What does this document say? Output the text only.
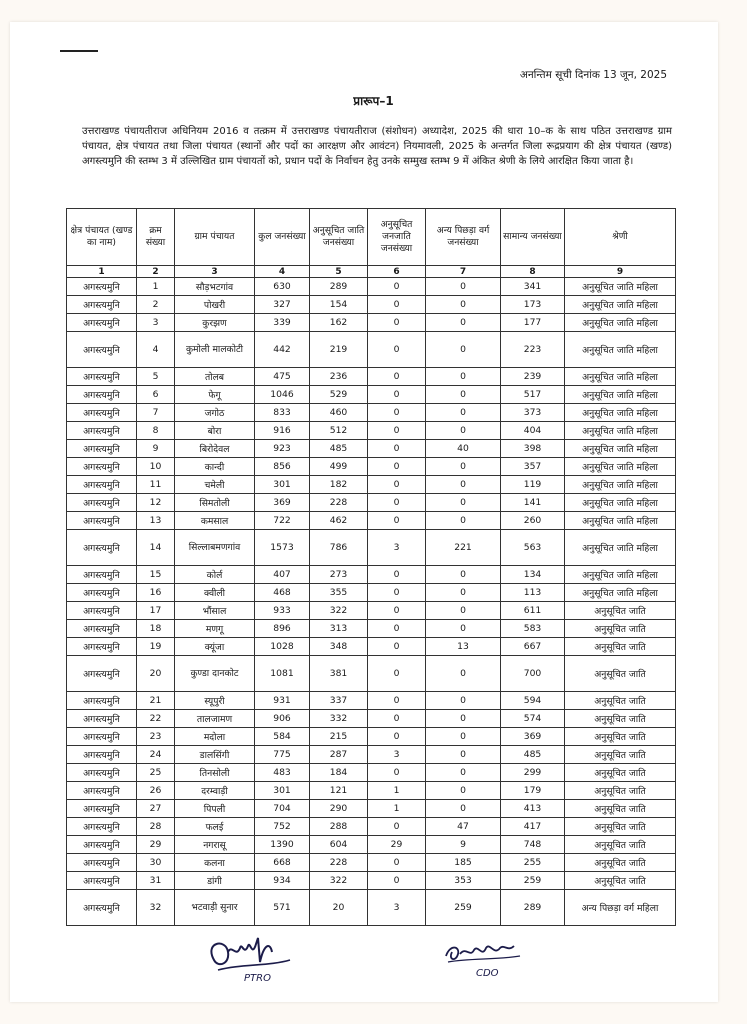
अनन्तिम सूची दिनांक 13 जून, 2025
प्रारूप–1
उत्तराखण्ड पंचायतीराज अधिनियम 2016 व तत्क्रम में उत्तराखण्ड पंचायतीराज (संशोधन) अध्यादेश, 2025 की धारा 10–क के साथ पठित उत्तराखण्ड ग्राम पंचायत, क्षेत्र पंचायत तथा जिला पंचायत (स्थानों और पदों का आरक्षण और आवंटन) नियमावली, 2025 के अन्तर्गत जिला रूद्रप्रयाग की क्षेत्र पंचायत (खण्ड) अगस्त्यमुनि की स्तम्भ 3 में उल्लिखित ग्राम पंचायतों को, प्रधान पदों के निर्वाचन हेतु उनके सम्मुख स्तम्भ 9 में अंकित श्रेणी के लिये आरक्षित किया जाता है।
क्षेत्र पंचायत (खण्ड का नाम)	क्रम संख्या	ग्राम पंचायत	कुल जनसंख्या	अनुसूचित जाति जनसंख्या	अनुसूचित जनजाति जनसंख्या	अन्य पिछड़ा वर्ग जनसंख्या	सामान्य जनसंख्या	श्रेणी
1	2	3	4	5	6	7	8	9
अगस्त्यमुनि	1	सौड़भटगांव	630	289	0	0	341	अनुसूचित जाति महिला
अगस्त्यमुनि	2	पोखरी	327	154	0	0	173	अनुसूचित जाति महिला
अगस्त्यमुनि	3	कुरझण	339	162	0	0	177	अनुसूचित जाति महिला
अगस्त्यमुनि	4	कुमोली मालकोटी	442	219	0	0	223	अनुसूचित जाति महिला
अगस्त्यमुनि	5	तोलब	475	236	0	0	239	अनुसूचित जाति महिला
अगस्त्यमुनि	6	फेगू	1046	529	0	0	517	अनुसूचित जाति महिला
अगस्त्यमुनि	7	जगोठ	833	460	0	0	373	अनुसूचित जाति महिला
अगस्त्यमुनि	8	बोरा	916	512	0	0	404	अनुसूचित जाति महिला
अगस्त्यमुनि	9	बिरोदेवल	923	485	0	40	398	अनुसूचित जाति महिला
अगस्त्यमुनि	10	कान्दी	856	499	0	0	357	अनुसूचित जाति महिला
अगस्त्यमुनि	11	चमेली	301	182	0	0	119	अनुसूचित जाति महिला
अगस्त्यमुनि	12	सिमतोली	369	228	0	0	141	अनुसूचित जाति महिला
अगस्त्यमुनि	13	कमसाल	722	462	0	0	260	अनुसूचित जाति महिला
अगस्त्यमुनि	14	सिल्लाबमणगांव	1573	786	3	221	563	अनुसूचित जाति महिला
अगस्त्यमुनि	15	कोर्ल	407	273	0	0	134	अनुसूचित जाति महिला
अगस्त्यमुनि	16	क्वीली	468	355	0	0	113	अनुसूचित जाति महिला
अगस्त्यमुनि	17	भौंसाल	933	322	0	0	611	अनुसूचित जाति
अगस्त्यमुनि	18	मणगू	896	313	0	0	583	अनुसूचित जाति
अगस्त्यमुनि	19	क्यूंजा	1028	348	0	13	667	अनुसूचित जाति
अगस्त्यमुनि	20	कुण्डा दानकोट	1081	381	0	0	700	अनुसूचित जाति
अगस्त्यमुनि	21	स्यूपुरी	931	337	0	0	594	अनुसूचित जाति
अगस्त्यमुनि	22	तालजामण	906	332	0	0	574	अनुसूचित जाति
अगस्त्यमुनि	23	मदोला	584	215	0	0	369	अनुसूचित जाति
अगस्त्यमुनि	24	डालसिंगी	775	287	3	0	485	अनुसूचित जाति
अगस्त्यमुनि	25	तिनसोली	483	184	0	0	299	अनुसूचित जाति
अगस्त्यमुनि	26	दरम्वाड़ी	301	121	1	0	179	अनुसूचित जाति
अगस्त्यमुनि	27	पिपली	704	290	1	0	413	अनुसूचित जाति
अगस्त्यमुनि	28	फलई	752	288	0	47	417	अनुसूचित जाति
अगस्त्यमुनि	29	नगरासू	1390	604	29	9	748	अनुसूचित जाति
अगस्त्यमुनि	30	कलना	668	228	0	185	255	अनुसूचित जाति
अगस्त्यमुनि	31	डांगी	934	322	0	353	259	अनुसूचित जाति
अगस्त्यमुनि	32	भटवाड़ी सुनार	571	20	3	259	289	अन्य पिछड़ा वर्ग महिला
PTRO	CDO
